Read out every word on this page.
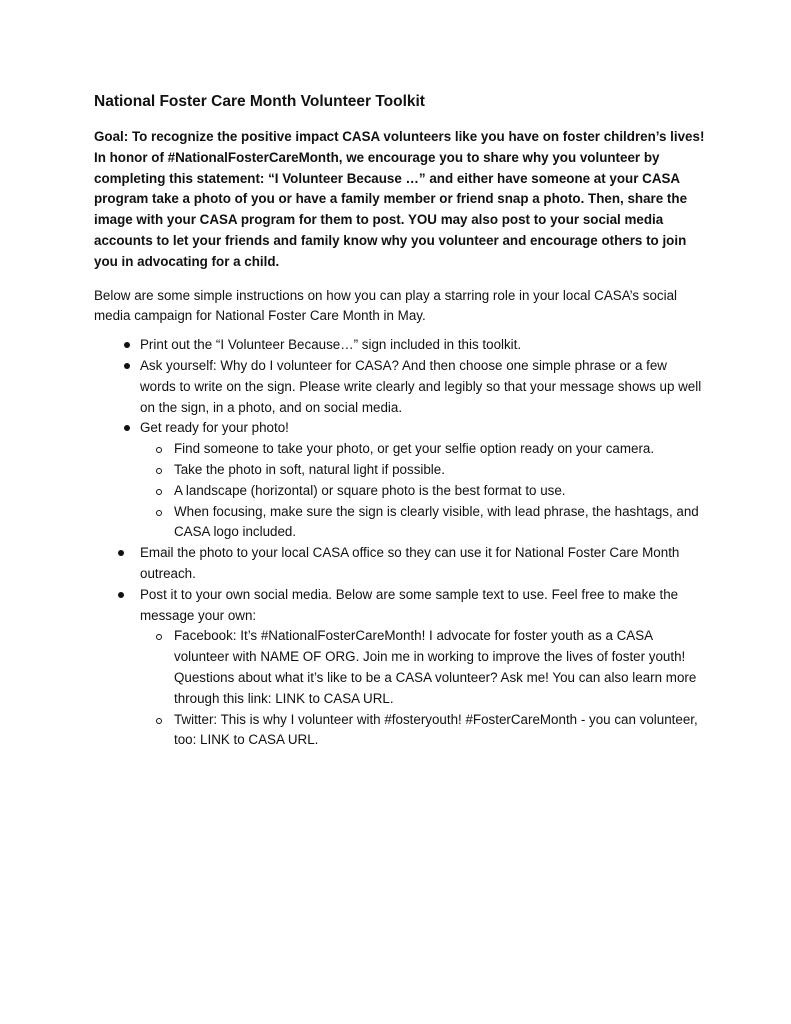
National Foster Care Month Volunteer Toolkit

Goal: To recognize the positive impact CASA volunteers like you have on foster children’s lives! In honor of #NationalFosterCareMonth, we encourage you to share why you volunteer by completing this statement: “I Volunteer Because …” and either have someone at your CASA program take a photo of you or have a family member or friend snap a photo. Then, share the image with your CASA program for them to post. YOU may also post to your social media accounts to let your friends and family know why you volunteer and encourage others to join you in advocating for a child.

Below are some simple instructions on how you can play a starring role in your local CASA’s social media campaign for National Foster Care Month in May.

Print out the “I Volunteer Because…” sign included in this toolkit.
Ask yourself: Why do I volunteer for CASA? And then choose one simple phrase or a few words to write on the sign. Please write clearly and legibly so that your message shows up well on the sign, in a photo, and on social media.
Get ready for your photo!
Find someone to take your photo, or get your selfie option ready on your camera.
Take the photo in soft, natural light if possible.
A landscape (horizontal) or square photo is the best format to use.
When focusing, make sure the sign is clearly visible, with lead phrase, the hashtags, and CASA logo included.
Email the photo to your local CASA office so they can use it for National Foster Care Month outreach.
Post it to your own social media. Below are some sample text to use. Feel free to make the message your own:
Facebook: It’s #NationalFosterCareMonth! I advocate for foster youth as a CASA volunteer with NAME OF ORG. Join me in working to improve the lives of foster youth! Questions about what it’s like to be a CASA volunteer? Ask me! You can also learn more through this link: LINK to CASA URL.
Twitter: This is why I volunteer with #fosteryouth! #FosterCareMonth - you can volunteer, too: LINK to CASA URL.
